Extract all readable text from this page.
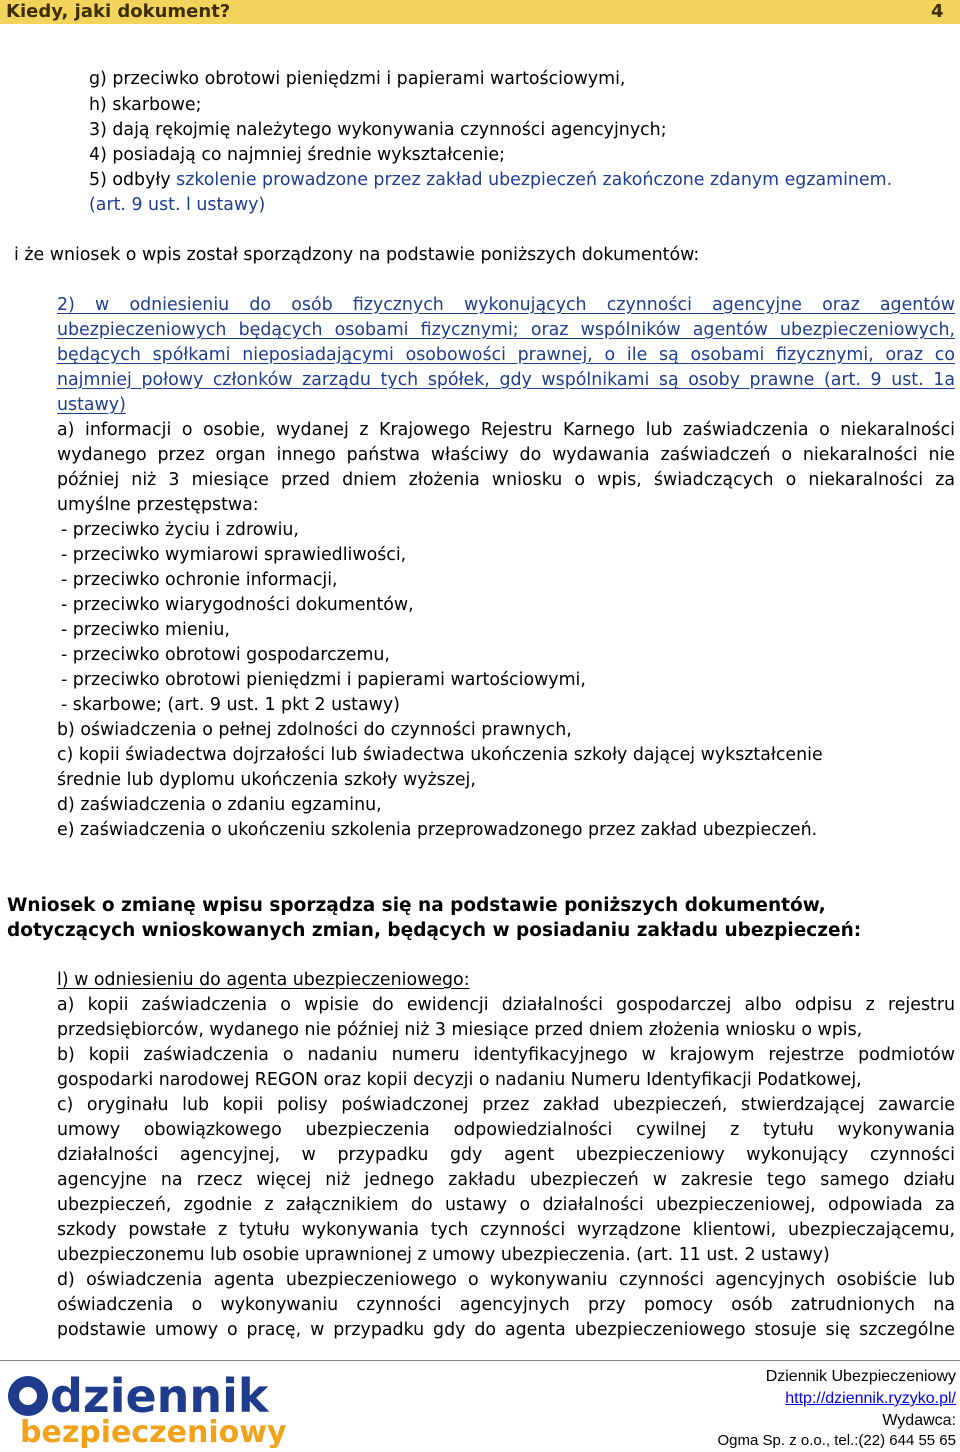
Kiedy, jaki dokument?	4
g) przeciwko obrotowi pieniędzmi i papierami wartościowymi,
h) skarbowe;
3) dają rękojmię należytego wykonywania czynności agencyjnych;
4) posiadają co najmniej średnie wykształcenie;
5) odbyły szkolenie prowadzone przez zakład ubezpieczeń zakończone zdanym egzaminem.
(art. 9 ust. l ustawy)
i że wniosek o wpis został sporządzony na podstawie poniższych dokumentów:
2) w odniesieniu do osób fizycznych wykonujących czynności agencyjne oraz agentów
ubezpieczeniowych będących osobami fizycznymi; oraz wspólników agentów ubezpieczeniowych,
będących spółkami nieposiadającymi osobowości prawnej, o ile są osobami fizycznymi, oraz co
najmniej połowy członków zarządu tych spółek, gdy wspólnikami są osoby prawne (art. 9 ust. 1a
ustawy)
a) informacji o osobie, wydanej z Krajowego Rejestru Karnego lub zaświadczenia o niekaralności
wydanego przez organ innego państwa właściwy do wydawania zaświadczeń o niekaralności nie
później niż 3 miesiące przed dniem złożenia wniosku o wpis, świadczących o niekaralności za
umyślne przestępstwa:
- przeciwko życiu i zdrowiu,
- przeciwko wymiarowi sprawiedliwości,
- przeciwko ochronie informacji,
- przeciwko wiarygodności dokumentów,
- przeciwko mieniu,
- przeciwko obrotowi gospodarczemu,
- przeciwko obrotowi pieniędzmi i papierami wartościowymi,
- skarbowe; (art. 9 ust. 1 pkt 2 ustawy)
b) oświadczenia o pełnej zdolności do czynności prawnych,
c) kopii świadectwa dojrzałości lub świadectwa ukończenia szkoły dającej wykształcenie
średnie lub dyplomu ukończenia szkoły wyższej,
d) zaświadczenia o zdaniu egzaminu,
e) zaświadczenia o ukończeniu szkolenia przeprowadzonego przez zakład ubezpieczeń.
Wniosek o zmianę wpisu sporządza się na podstawie poniższych dokumentów,
dotyczących wnioskowanych zmian, będących w posiadaniu zakładu ubezpieczeń:
l) w odniesieniu do agenta ubezpieczeniowego:
a) kopii zaświadczenia o wpisie do ewidencji działalności gospodarczej albo odpisu z rejestru
przedsiębiorców, wydanego nie później niż 3 miesiące przed dniem złożenia wniosku o wpis,
b) kopii zaświadczenia o nadaniu numeru identyfikacyjnego w krajowym rejestrze podmiotów
gospodarki narodowej REGON oraz kopii decyzji o nadaniu Numeru Identyfikacji Podatkowej,
c) oryginału lub kopii polisy poświadczonej przez zakład ubezpieczeń, stwierdzającej zawarcie
umowy obowiązkowego ubezpieczenia odpowiedzialności cywilnej z tytułu wykonywania
działalności agencyjnej, w przypadku gdy agent ubezpieczeniowy wykonujący czynności
agencyjne na rzecz więcej niż jednego zakładu ubezpieczeń w zakresie tego samego działu
ubezpieczeń, zgodnie z załącznikiem do ustawy o działalności ubezpieczeniowej, odpowiada za
szkody powstałe z tytułu wykonywania tych czynności wyrządzone klientowi, ubezpieczającemu,
ubezpieczonemu lub osobie uprawnionej z umowy ubezpieczenia. (art. 11 ust. 2 ustawy)
d) oświadczenia agenta ubezpieczeniowego o wykonywaniu czynności agencyjnych osobiście lub
oświadczenia o wykonywaniu czynności agencyjnych przy pomocy osób zatrudnionych na
podstawie umowy o pracę, w przypadku gdy do agenta ubezpieczeniowego stosuje się szczególne
dziennik
bezpieczeniowy
Dziennik Ubezpieczeniowy
http://dziennik.ryzyko.pl/
Wydawca:
Ogma Sp. z o.o., tel.:(22) 644 55 65
